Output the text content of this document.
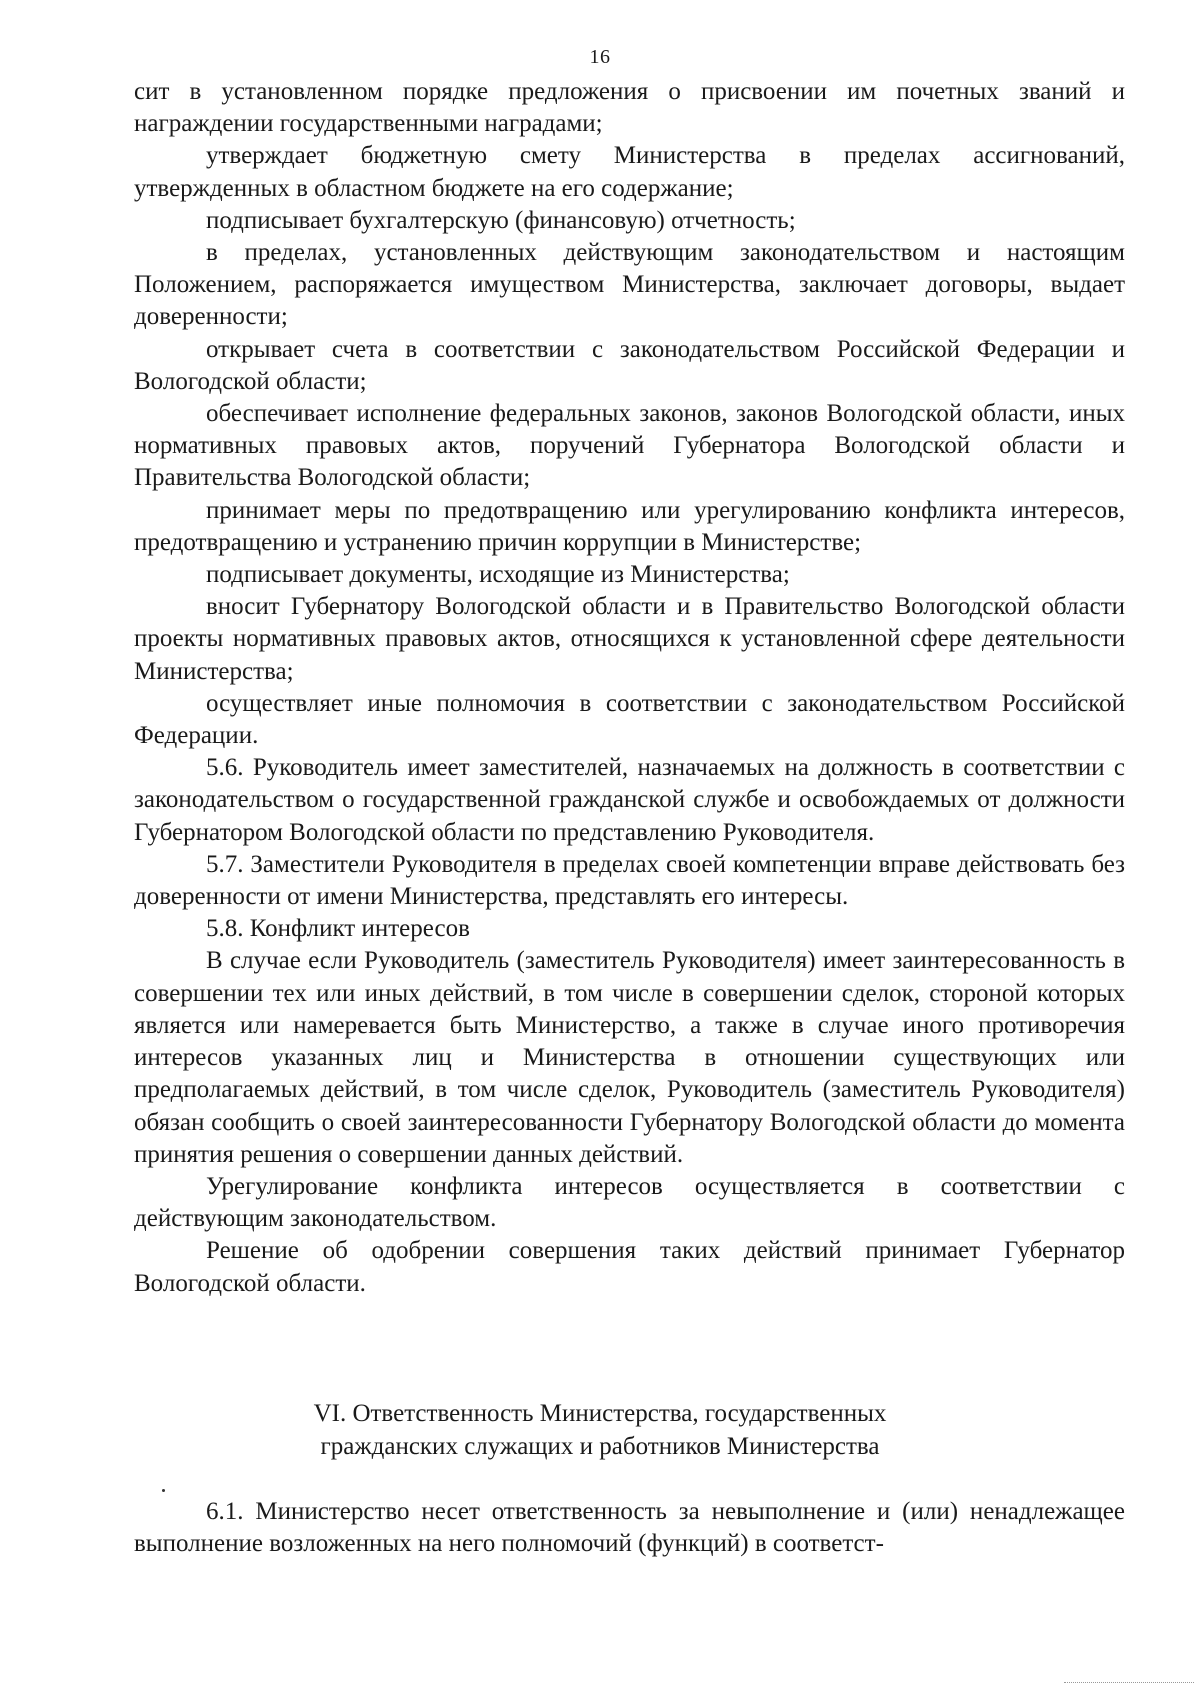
16

сит в установленном порядке предложения о присвоении им почетных званий и награждении государственными наградами;

утверждает бюджетную смету Министерства в пределах ассигнований, утвержденных в областном бюджете на его содержание;

подписывает бухгалтерскую (финансовую) отчетность;

в пределах, установленных действующим законодательством и настоящим Положением, распоряжается имуществом Министерства, заключает договоры, выдает доверенности;

открывает счета в соответствии с законодательством Российской Федерации и Вологодской области;

обеспечивает исполнение федеральных законов, законов Вологодской области, иных нормативных правовых актов, поручений Губернатора Вологодской области и Правительства Вологодской области;

принимает меры по предотвращению или урегулированию конфликта интересов, предотвращению и устранению причин коррупции в Министерстве;

подписывает документы, исходящие из Министерства;

вносит Губернатору Вологодской области и в Правительство Вологодской области проекты нормативных правовых актов, относящихся к установленной сфере деятельности Министерства;

осуществляет иные полномочия в соответствии с законодательством Российской Федерации.

5.6. Руководитель имеет заместителей, назначаемых на должность в соответствии с законодательством о государственной гражданской службе и освобождаемых от должности Губернатором Вологодской области по представлению Руководителя.

5.7. Заместители Руководителя в пределах своей компетенции вправе действовать без доверенности от имени Министерства, представлять его интересы.

5.8. Конфликт интересов

В случае если Руководитель (заместитель Руководителя) имеет заинтересованность в совершении тех или иных действий, в том числе в совершении сделок, стороной которых является или намеревается быть Министерство, а также в случае иного противоречия интересов указанных лиц и Министерства в отношении существующих или предполагаемых действий, в том числе сделок, Руководитель (заместитель Руководителя) обязан сообщить о своей заинтересованности Губернатору Вологодской области до момента принятия решения о совершении данных действий.

Урегулирование конфликта интересов осуществляется в соответствии с действующим законодательством.

Решение об одобрении совершения таких действий принимает Губернатор Вологодской области.

VI. Ответственность Министерства, государственных
гражданских служащих и работников Министерства

6.1. Министерство несет ответственность за невыполнение и (или) ненадлежащее выполнение возложенных на него полномочий (функций) в соответст-
